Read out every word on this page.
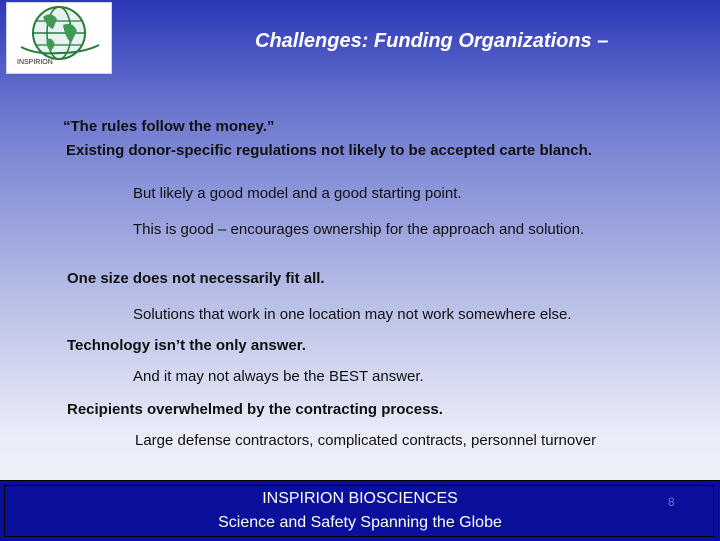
INSPIRION
Challenges: Funding Organizations –
“The rules follow the money.”
Existing donor-specific regulations not likely to be accepted carte blanch.
But likely a good model and a good starting point.
This is good – encourages ownership for the approach and solution.
One size does not necessarily fit all.
Solutions that work in one location may not work somewhere else.
Technology isn’t the only answer.
And it may not always be the BEST answer.
Recipients overwhelmed by the contracting process.
Large defense contractors, complicated contracts, personnel turnover
INSPIRION BIOSCIENCES
Science and Safety Spanning the Globe
8
